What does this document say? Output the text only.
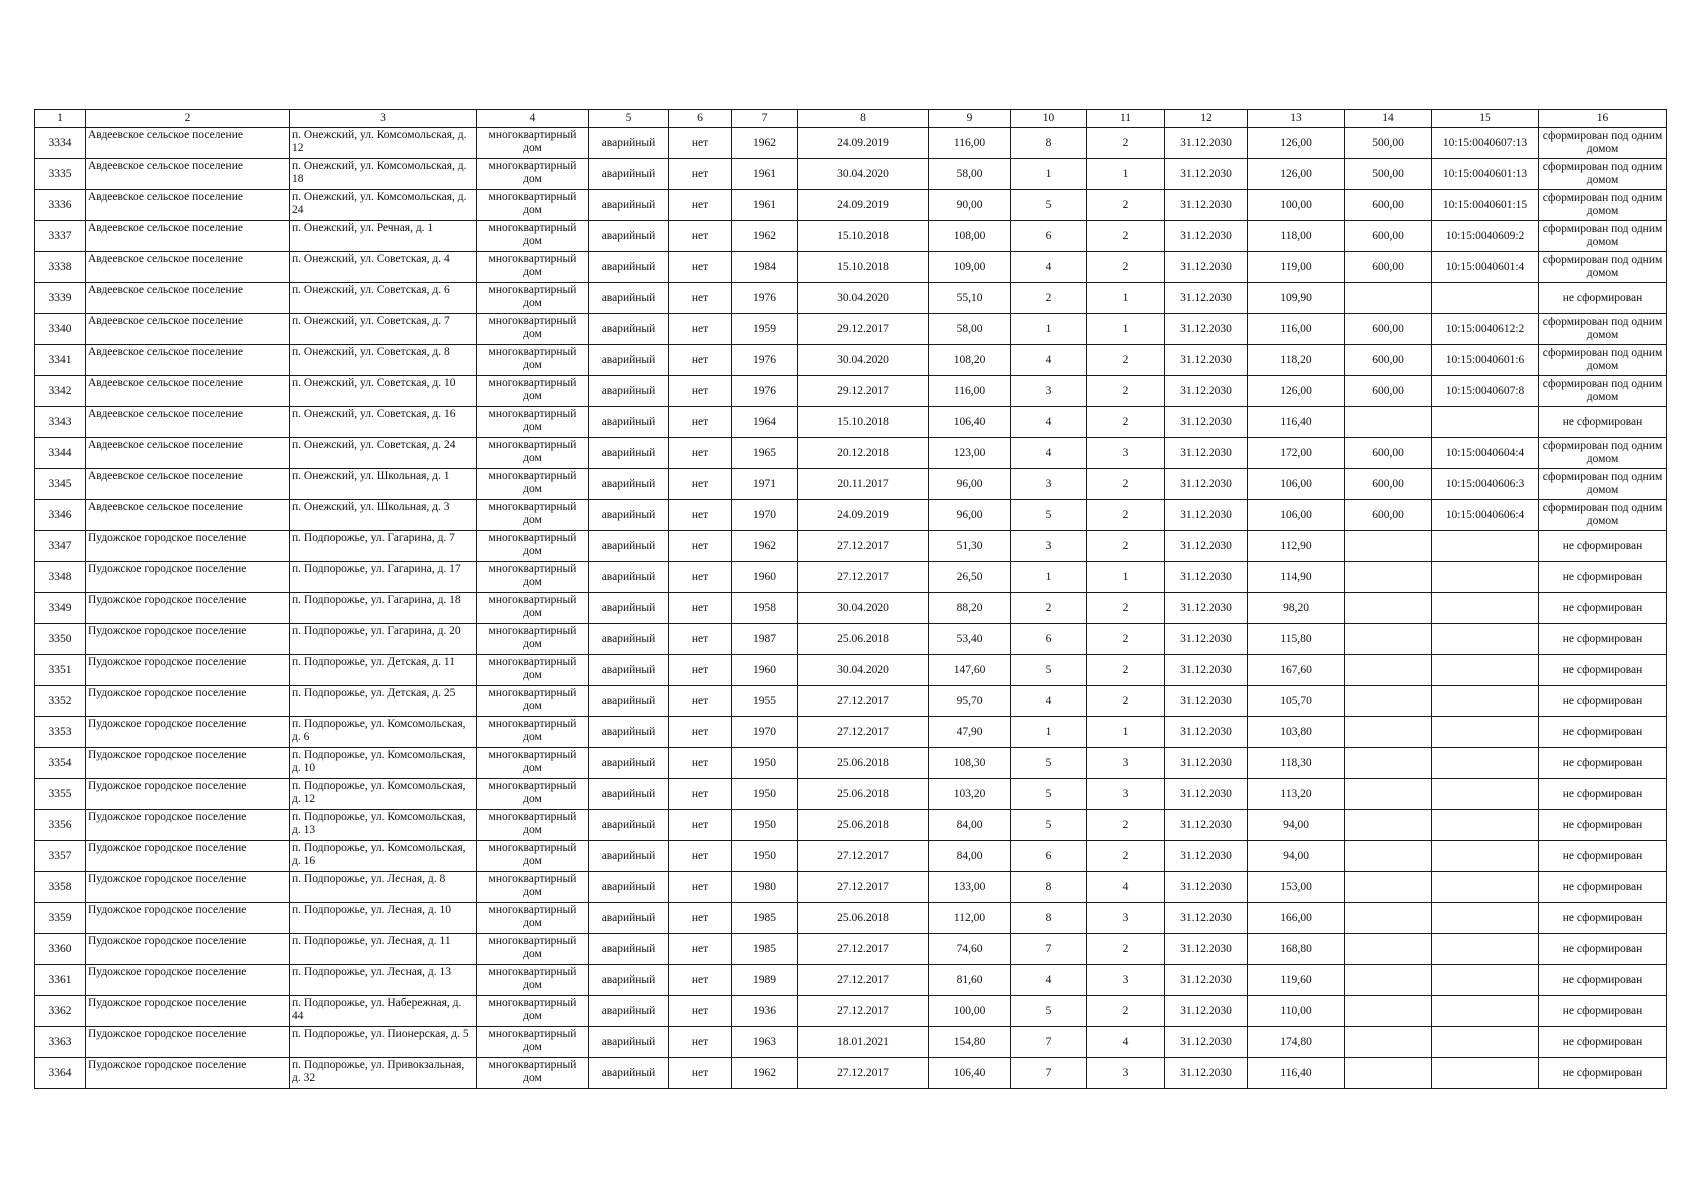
1	2	3	4	5	6	7	8	9	10	11	12	13	14	15	16
3334	Авдеевское сельское поселение	п. Онежский, ул. Комсомольская, д. 12	многоквартирный дом	аварийный	нет	1962	24.09.2019	116,00	8	2	31.12.2030	126,00	500,00	10:15:0040607:13	сформирован под одним домом
3335	Авдеевское сельское поселение	п. Онежский, ул. Комсомольская, д. 18	многоквартирный дом	аварийный	нет	1961	30.04.2020	58,00	1	1	31.12.2030	126,00	500,00	10:15:0040601:13	сформирован под одним домом
3336	Авдеевское сельское поселение	п. Онежский, ул. Комсомольская, д. 24	многоквартирный дом	аварийный	нет	1961	24.09.2019	90,00	5	2	31.12.2030	100,00	600,00	10:15:0040601:15	сформирован под одним домом
3337	Авдеевское сельское поселение	п. Онежский, ул. Речная, д. 1	многоквартирный дом	аварийный	нет	1962	15.10.2018	108,00	6	2	31.12.2030	118,00	600,00	10:15:0040609:2	сформирован под одним домом
3338	Авдеевское сельское поселение	п. Онежский, ул. Советская, д. 4	многоквартирный дом	аварийный	нет	1984	15.10.2018	109,00	4	2	31.12.2030	119,00	600,00	10:15:0040601:4	сформирован под одним домом
3339	Авдеевское сельское поселение	п. Онежский, ул. Советская, д. 6	многоквартирный дом	аварийный	нет	1976	30.04.2020	55,10	2	1	31.12.2030	109,90			не сформирован
3340	Авдеевское сельское поселение	п. Онежский, ул. Советская, д. 7	многоквартирный дом	аварийный	нет	1959	29.12.2017	58,00	1	1	31.12.2030	116,00	600,00	10:15:0040612:2	сформирован под одним домом
3341	Авдеевское сельское поселение	п. Онежский, ул. Советская, д. 8	многоквартирный дом	аварийный	нет	1976	30.04.2020	108,20	4	2	31.12.2030	118,20	600,00	10:15:0040601:6	сформирован под одним домом
3342	Авдеевское сельское поселение	п. Онежский, ул. Советская, д. 10	многоквартирный дом	аварийный	нет	1976	29.12.2017	116,00	3	2	31.12.2030	126,00	600,00	10:15:0040607:8	сформирован под одним домом
3343	Авдеевское сельское поселение	п. Онежский, ул. Советская, д. 16	многоквартирный дом	аварийный	нет	1964	15.10.2018	106,40	4	2	31.12.2030	116,40			не сформирован
3344	Авдеевское сельское поселение	п. Онежский, ул. Советская, д. 24	многоквартирный дом	аварийный	нет	1965	20.12.2018	123,00	4	3	31.12.2030	172,00	600,00	10:15:0040604:4	сформирован под одним домом
3345	Авдеевское сельское поселение	п. Онежский, ул. Школьная, д. 1	многоквартирный дом	аварийный	нет	1971	20.11.2017	96,00	3	2	31.12.2030	106,00	600,00	10:15:0040606:3	сформирован под одним домом
3346	Авдеевское сельское поселение	п. Онежский, ул. Школьная, д. 3	многоквартирный дом	аварийный	нет	1970	24.09.2019	96,00	5	2	31.12.2030	106,00	600,00	10:15:0040606:4	сформирован под одним домом
3347	Пудожское городское поселение	п. Подпорожье, ул. Гагарина, д. 7	многоквартирный дом	аварийный	нет	1962	27.12.2017	51,30	3	2	31.12.2030	112,90			не сформирован
3348	Пудожское городское поселение	п. Подпорожье, ул. Гагарина, д. 17	многоквартирный дом	аварийный	нет	1960	27.12.2017	26,50	1	1	31.12.2030	114,90			не сформирован
3349	Пудожское городское поселение	п. Подпорожье, ул. Гагарина, д. 18	многоквартирный дом	аварийный	нет	1958	30.04.2020	88,20	2	2	31.12.2030	98,20			не сформирован
3350	Пудожское городское поселение	п. Подпорожье, ул. Гагарина, д. 20	многоквартирный дом	аварийный	нет	1987	25.06.2018	53,40	6	2	31.12.2030	115,80			не сформирован
3351	Пудожское городское поселение	п. Подпорожье, ул. Детская, д. 11	многоквартирный дом	аварийный	нет	1960	30.04.2020	147,60	5	2	31.12.2030	167,60			не сформирован
3352	Пудожское городское поселение	п. Подпорожье, ул. Детская, д. 25	многоквартирный дом	аварийный	нет	1955	27.12.2017	95,70	4	2	31.12.2030	105,70			не сформирован
3353	Пудожское городское поселение	п. Подпорожье, ул. Комсомольская, д. 6	многоквартирный дом	аварийный	нет	1970	27.12.2017	47,90	1	1	31.12.2030	103,80			не сформирован
3354	Пудожское городское поселение	п. Подпорожье, ул. Комсомольская, д. 10	многоквартирный дом	аварийный	нет	1950	25.06.2018	108,30	5	3	31.12.2030	118,30			не сформирован
3355	Пудожское городское поселение	п. Подпорожье, ул. Комсомольская, д. 12	многоквартирный дом	аварийный	нет	1950	25.06.2018	103,20	5	3	31.12.2030	113,20			не сформирован
3356	Пудожское городское поселение	п. Подпорожье, ул. Комсомольская, д. 13	многоквартирный дом	аварийный	нет	1950	25.06.2018	84,00	5	2	31.12.2030	94,00			не сформирован
3357	Пудожское городское поселение	п. Подпорожье, ул. Комсомольская, д. 16	многоквартирный дом	аварийный	нет	1950	27.12.2017	84,00	6	2	31.12.2030	94,00			не сформирован
3358	Пудожское городское поселение	п. Подпорожье, ул. Лесная, д. 8	многоквартирный дом	аварийный	нет	1980	27.12.2017	133,00	8	4	31.12.2030	153,00			не сформирован
3359	Пудожское городское поселение	п. Подпорожье, ул. Лесная, д. 10	многоквартирный дом	аварийный	нет	1985	25.06.2018	112,00	8	3	31.12.2030	166,00			не сформирован
3360	Пудожское городское поселение	п. Подпорожье, ул. Лесная, д. 11	многоквартирный дом	аварийный	нет	1985	27.12.2017	74,60	7	2	31.12.2030	168,80			не сформирован
3361	Пудожское городское поселение	п. Подпорожье, ул. Лесная, д. 13	многоквартирный дом	аварийный	нет	1989	27.12.2017	81,60	4	3	31.12.2030	119,60			не сформирован
3362	Пудожское городское поселение	п. Подпорожье, ул. Набережная, д. 44	многоквартирный дом	аварийный	нет	1936	27.12.2017	100,00	5	2	31.12.2030	110,00			не сформирован
3363	Пудожское городское поселение	п. Подпорожье, ул. Пионерская, д. 5	многоквартирный дом	аварийный	нет	1963	18.01.2021	154,80	7	4	31.12.2030	174,80			не сформирован
3364	Пудожское городское поселение	п. Подпорожье, ул. Привокзальная, д. 32	многоквартирный дом	аварийный	нет	1962	27.12.2017	106,40	7	3	31.12.2030	116,40			не сформирован
